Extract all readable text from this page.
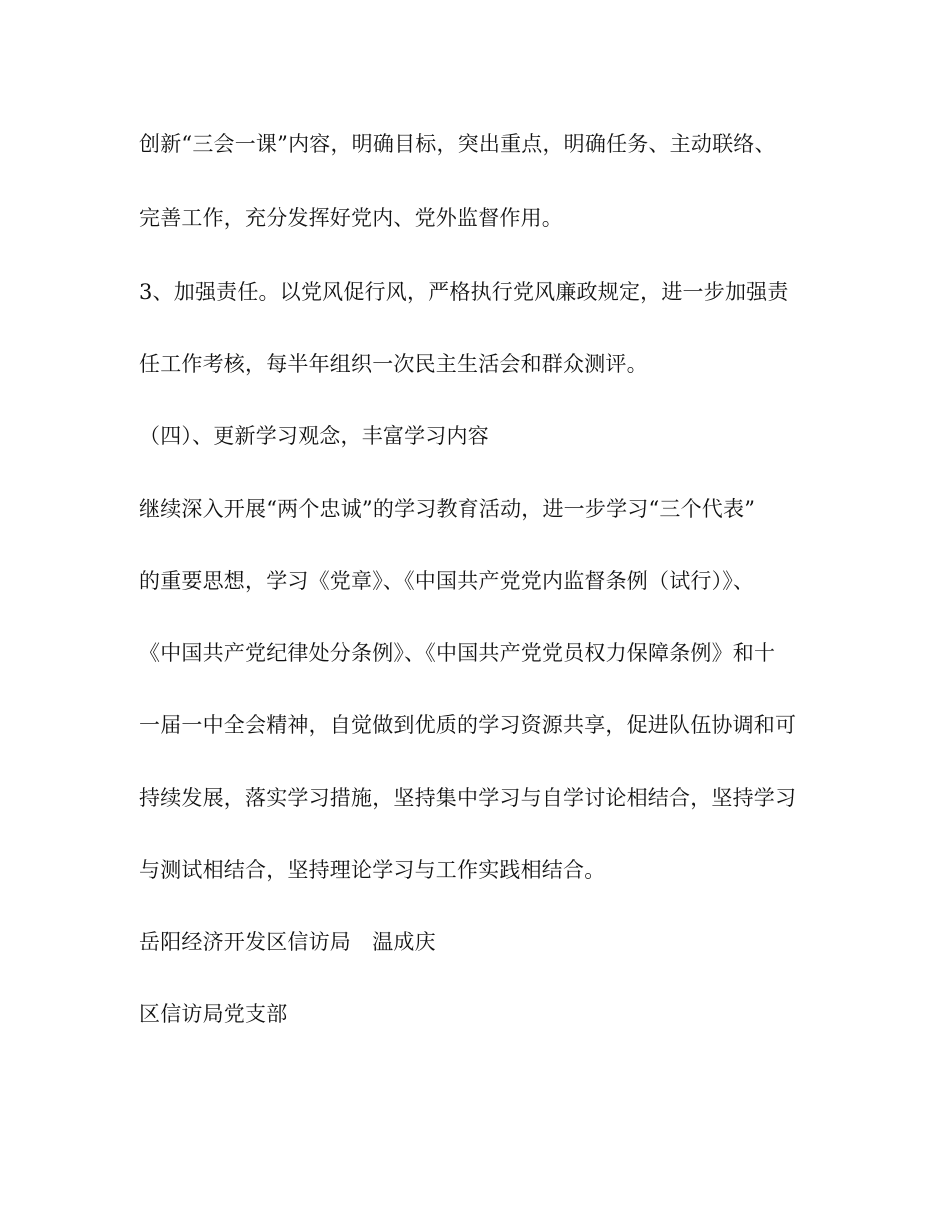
创新“三会一课”内容，明确目标，突出重点，明确任务、主动联络、
完善工作，充分发挥好党内、党外监督作用。
3、加强责任。以党风促行风，严格执行党风廉政规定，进一步加强责
任工作考核，每半年组织一次民主生活会和群众测评。
（四）、更新学习观念，丰富学习内容
继续深入开展“两个忠诚”的学习教育活动，进一步学习“三个代表”
的重要思想，学习《党章》、《中国共产党党内监督条例（试行）》、
《中国共产党纪律处分条例》、《中国共产党党员权力保障条例》和十
一届一中全会精神，自觉做到优质的学习资源共享，促进队伍协调和可
持续发展，落实学习措施，坚持集中学习与自学讨论相结合，坚持学习
与测试相结合，坚持理论学习与工作实践相结合。
岳阳经济开发区信访局　温成庆
区信访局党支部
